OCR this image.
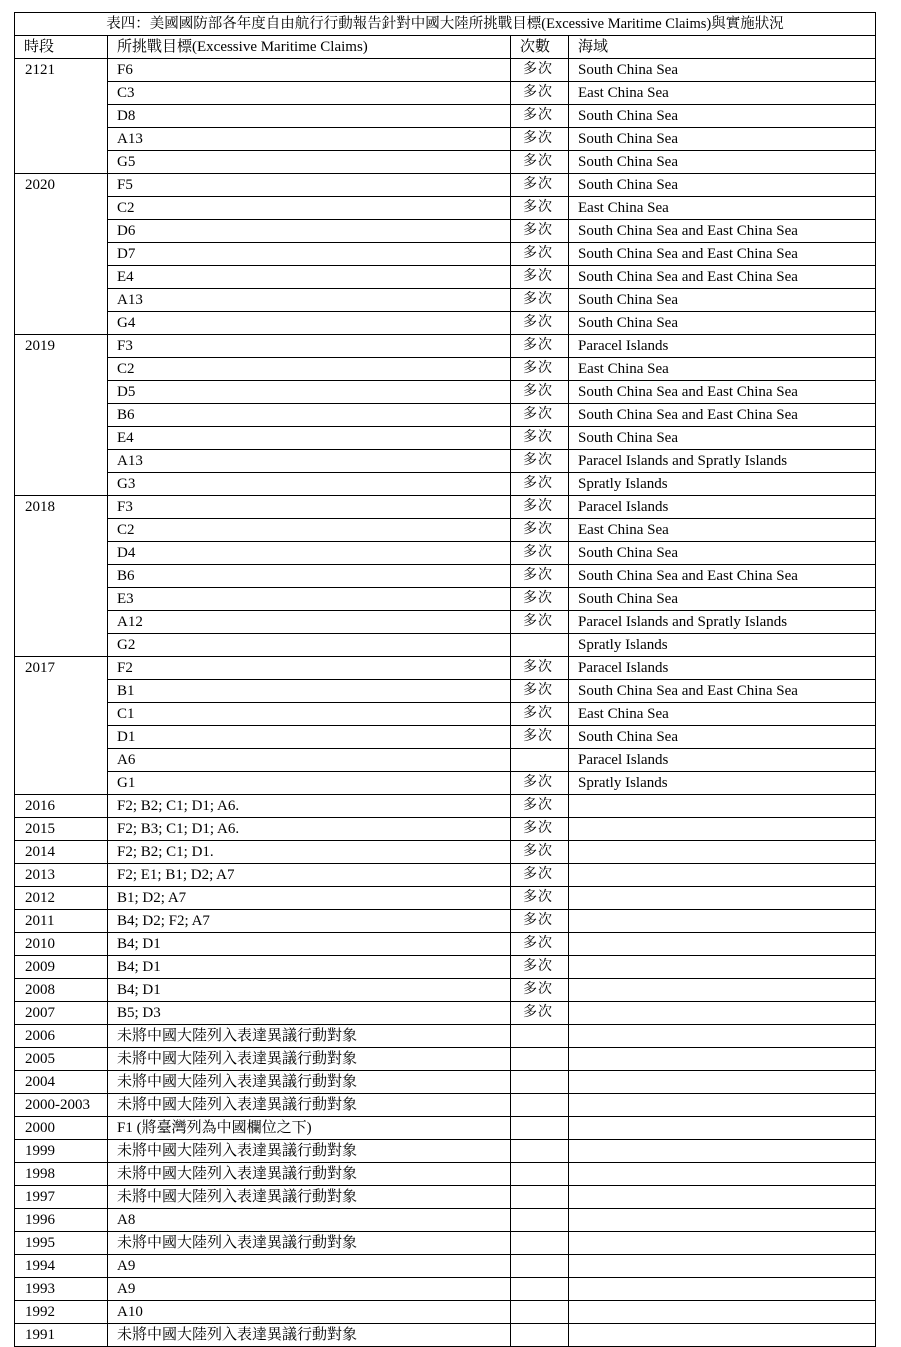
表四：美國國防部各年度自由航行行動報告針對中國大陸所挑戰目標(Excessive Maritime Claims)與實施狀況			
時段	所挑戰目標(Excessive Maritime Claims)	次數	海域
2121	F6	多次	South China Sea
	C3	多次	East China Sea
	D8	多次	South China Sea
	A13	多次	South China Sea
	G5	多次	South China Sea
2020	F5	多次	South China Sea
	C2	多次	East China Sea
	D6	多次	South China Sea and East China Sea
	D7	多次	South China Sea and East China Sea
	E4	多次	South China Sea and East China Sea
	A13	多次	South China Sea
	G4	多次	South China Sea
2019	F3	多次	Paracel Islands
	C2	多次	East China Sea
	D5	多次	South China Sea and East China Sea
	B6	多次	South China Sea and East China Sea
	E4	多次	South China Sea
	A13	多次	Paracel Islands and Spratly Islands
	G3	多次	Spratly Islands
2018	F3	多次	Paracel Islands
	C2	多次	East China Sea
	D4	多次	South China Sea
	B6	多次	South China Sea and East China Sea
	E3	多次	South China Sea
	A12	多次	Paracel Islands and Spratly Islands
	G2		Spratly Islands
2017	F2	多次	Paracel Islands
	B1	多次	South China Sea and East China Sea
	C1	多次	East China Sea
	D1	多次	South China Sea
	A6		Paracel Islands
	G1	多次	Spratly Islands
2016	F2; B2; C1; D1; A6.	多次	
2015	F2; B3; C1; D1; A6.	多次	
2014	F2; B2; C1; D1.	多次	
2013	F2; E1; B1; D2; A7	多次	
2012	B1; D2; A7	多次	
2011	B4; D2; F2; A7	多次	
2010	B4; D1	多次	
2009	B4; D1	多次	
2008	B4; D1	多次	
2007	B5; D3	多次	
2006	未將中國大陸列入表達異議行動對象		
2005	未將中國大陸列入表達異議行動對象		
2004	未將中國大陸列入表達異議行動對象		
2000-2003	未將中國大陸列入表達異議行動對象		
2000	F1 (將臺灣列為中國欄位之下)		
1999	未將中國大陸列入表達異議行動對象		
1998	未將中國大陸列入表達異議行動對象		
1997	未將中國大陸列入表達異議行動對象		
1996	A8		
1995	未將中國大陸列入表達異議行動對象		
1994	A9		
1993	A9		
1992	A10		
1991	未將中國大陸列入表達異議行動對象		
